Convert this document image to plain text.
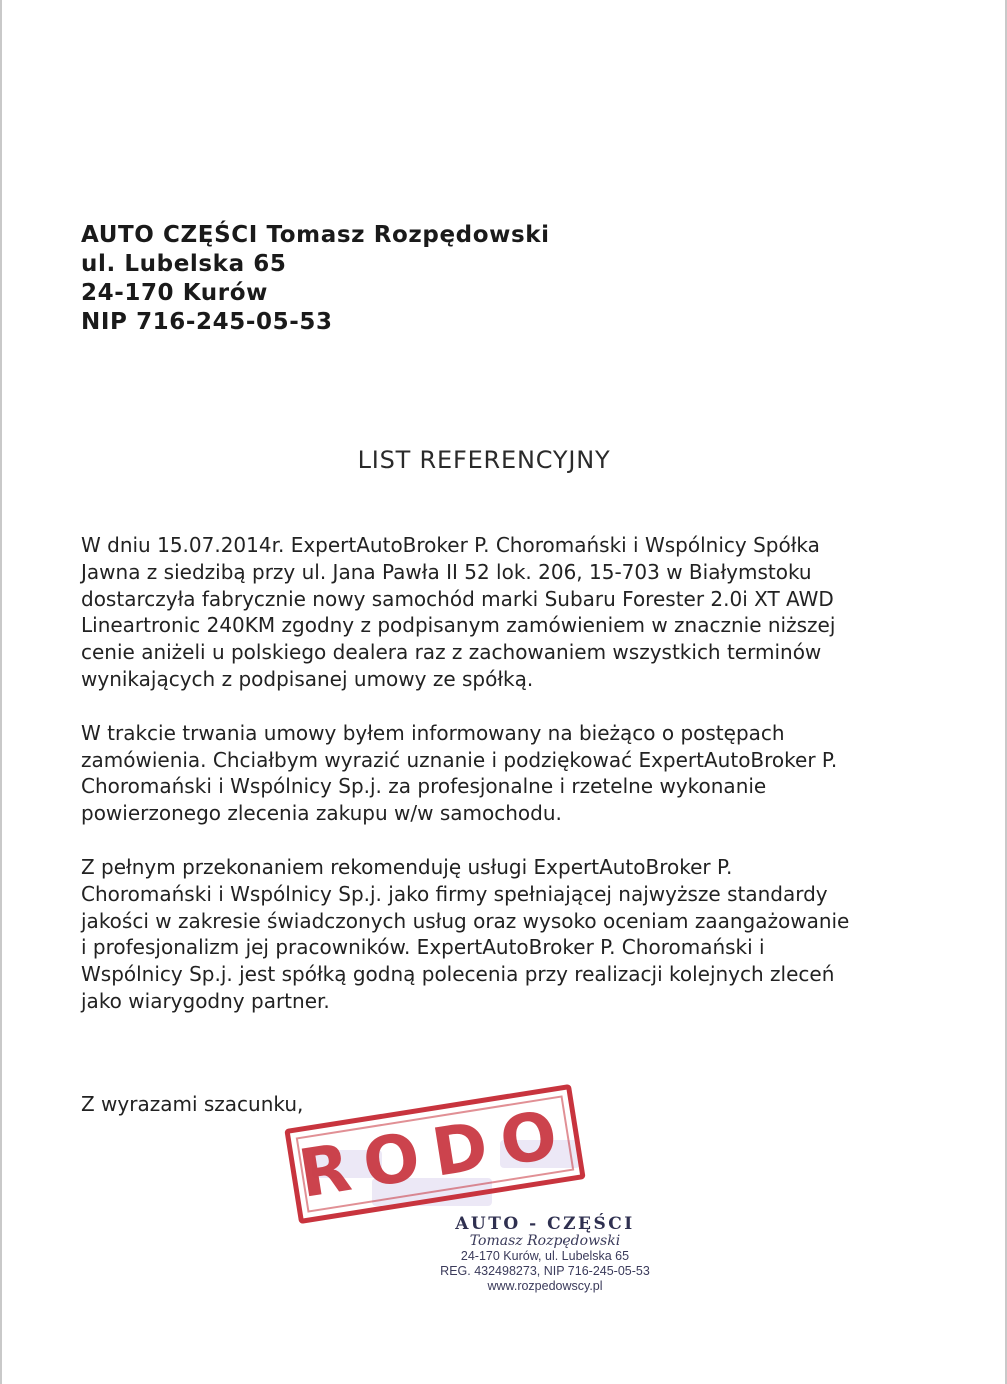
AUTO CZĘŚCI Tomasz Rozpędowski
ul. Lubelska 65
24-170 Kurów
NIP 716-245-05-53
LIST REFERENCYJNY
W dniu 15.07.2014r. ExpertAutoBroker P. Choromański i Wspólnicy Spółka
Jawna z siedzibą przy ul. Jana Pawła II 52 lok. 206, 15-703 w Białymstoku
dostarczyła fabrycznie nowy samochód marki Subaru Forester 2.0i XT AWD
Lineartronic 240KM zgodny z podpisanym zamówieniem w znacznie niższej
cenie aniżeli u polskiego dealera raz z zachowaniem wszystkich terminów
wynikających z podpisanej umowy ze spółką.
W trakcie trwania umowy byłem informowany na bieżąco o postępach
zamówienia. Chciałbym wyrazić uznanie i podziękować ExpertAutoBroker P.
Choromański i Wspólnicy Sp.j. za profesjonalne i rzetelne wykonanie
powierzonego zlecenia zakupu w/w samochodu.
Z pełnym przekonaniem rekomenduję usługi ExpertAutoBroker P.
Choromański i Wspólnicy Sp.j. jako firmy spełniającej najwyższe standardy
jakości w zakresie świadczonych usług oraz wysoko oceniam zaangażowanie
i profesjonalizm jej pracowników. ExpertAutoBroker P. Choromański i
Wspólnicy Sp.j. jest spółką godną polecenia przy realizacji kolejnych zleceń
jako wiarygodny partner.
Z wyrazami szacunku,
RODO
AUTO - CZĘŚCI
Tomasz Rozpędowski
24-170 Kurów, ul. Lubelska 65
REG. 432498273, NIP 716-245-05-53
www.rozpedowscy.pl
